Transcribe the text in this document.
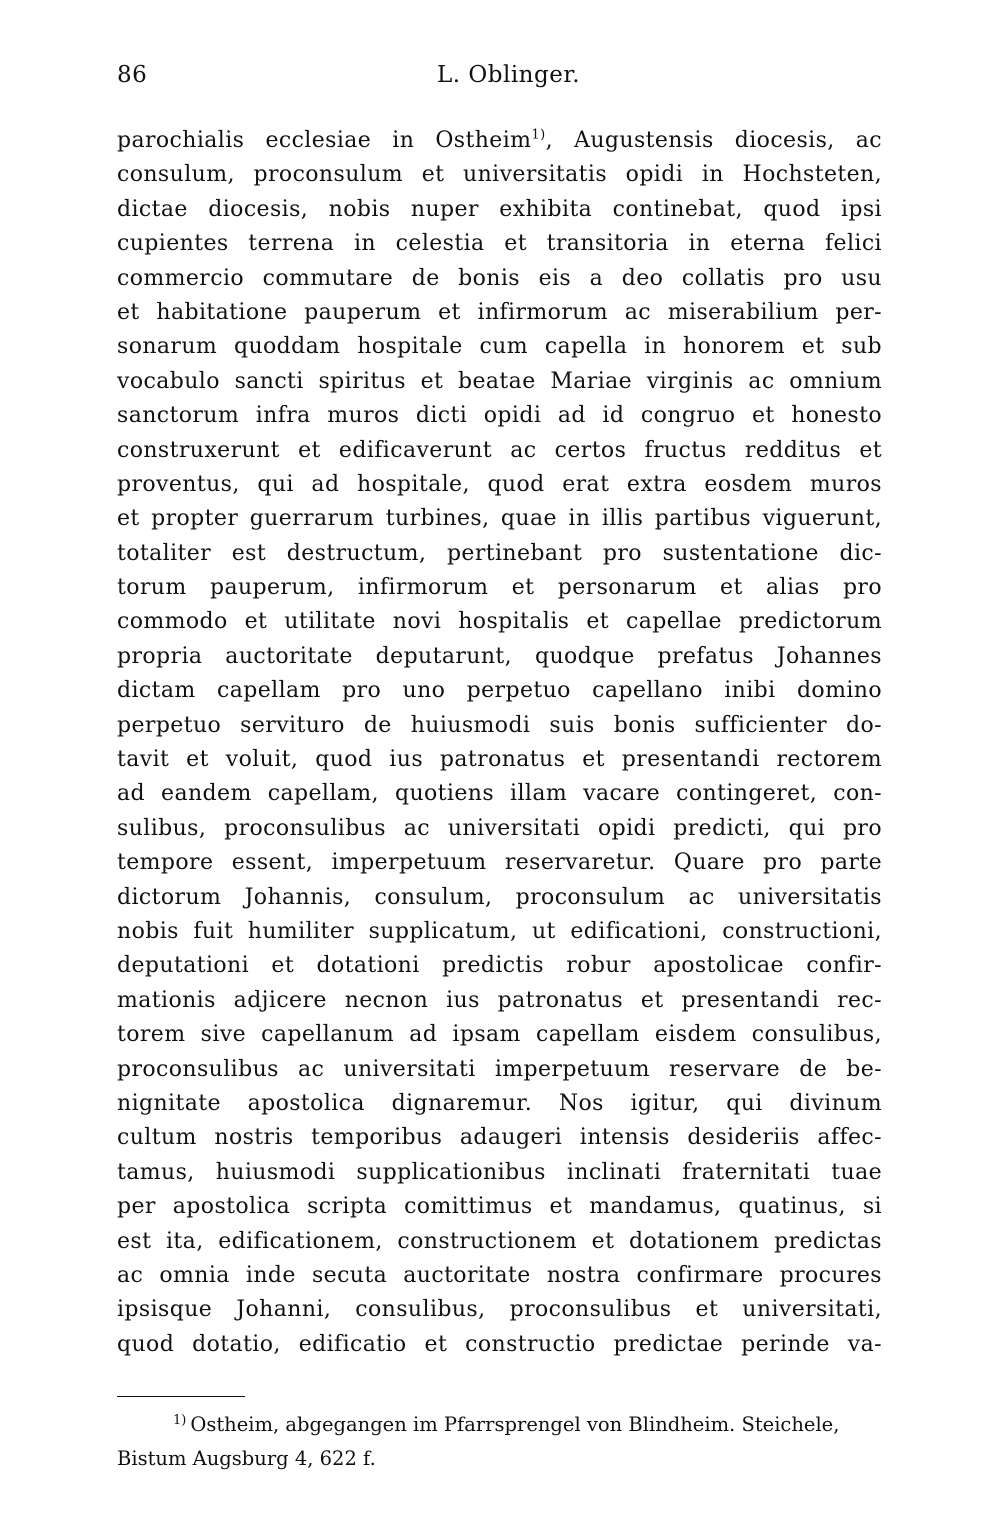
86	L. Oblinger.
parochialis ecclesiae in Ostheim$^{1)}$, Augustensis diocesis, ac
consulum, proconsulum et universitatis opidi in Hochsteten,
dictae diocesis, nobis nuper exhibita continebat, quod ipsi
cupientes terrena in celestia et transitoria in eterna felici
commercio commutare de bonis eis a deo collatis pro usu
et habitatione pauperum et infirmorum ac miserabilium per-
sonarum quoddam hospitale cum capella in honorem et sub
vocabulo sancti spiritus et beatae Mariae virginis ac omnium
sanctorum infra muros dicti opidi ad id congruo et honesto
construxerunt et edificaverunt ac certos fructus redditus et
proventus, qui ad hospitale, quod erat extra eosdem muros
et propter guerrarum turbines, quae in illis partibus viguerunt,
totaliter est destructum, pertinebant pro sustentatione dic-
torum pauperum, infirmorum et personarum et alias pro
commodo et utilitate novi hospitalis et capellae predictorum
propria auctoritate deputarunt, quodque prefatus Johannes
dictam capellam pro uno perpetuo capellano inibi domino
perpetuo servituro de huiusmodi suis bonis sufficienter do-
tavit et voluit, quod ius patronatus et presentandi rectorem
ad eandem capellam, quotiens illam vacare contingeret, con-
sulibus, proconsulibus ac universitati opidi predicti, qui pro
tempore essent, imperpetuum reservaretur. Quare pro parte
dictorum Johannis, consulum, proconsulum ac universitatis
nobis fuit humiliter supplicatum, ut edificationi, constructioni,
deputationi et dotationi predictis robur apostolicae confir-
mationis adjicere necnon ius patronatus et presentandi rec-
torem sive capellanum ad ipsam capellam eisdem consulibus,
proconsulibus ac universitati imperpetuum reservare de be-
nignitate apostolica dignaremur. Nos igitur, qui divinum
cultum nostris temporibus adaugeri intensis desideriis affec-
tamus, huiusmodi supplicationibus inclinati fraternitati tuae
per apostolica scripta comittimus et mandamus, quatinus, si
est ita, edificationem, constructionem et dotationem predictas
ac omnia inde secuta auctoritate nostra confirmare procures
ipsisque Johanni, consulibus, proconsulibus et universitati,
quod dotatio, edificatio et constructio predictae perinde va-
$^{1)}$ Ostheim, abgegangen im Pfarrsprengel von Blindheim. Steichele,
Bistum Augsburg 4, 622 f.
